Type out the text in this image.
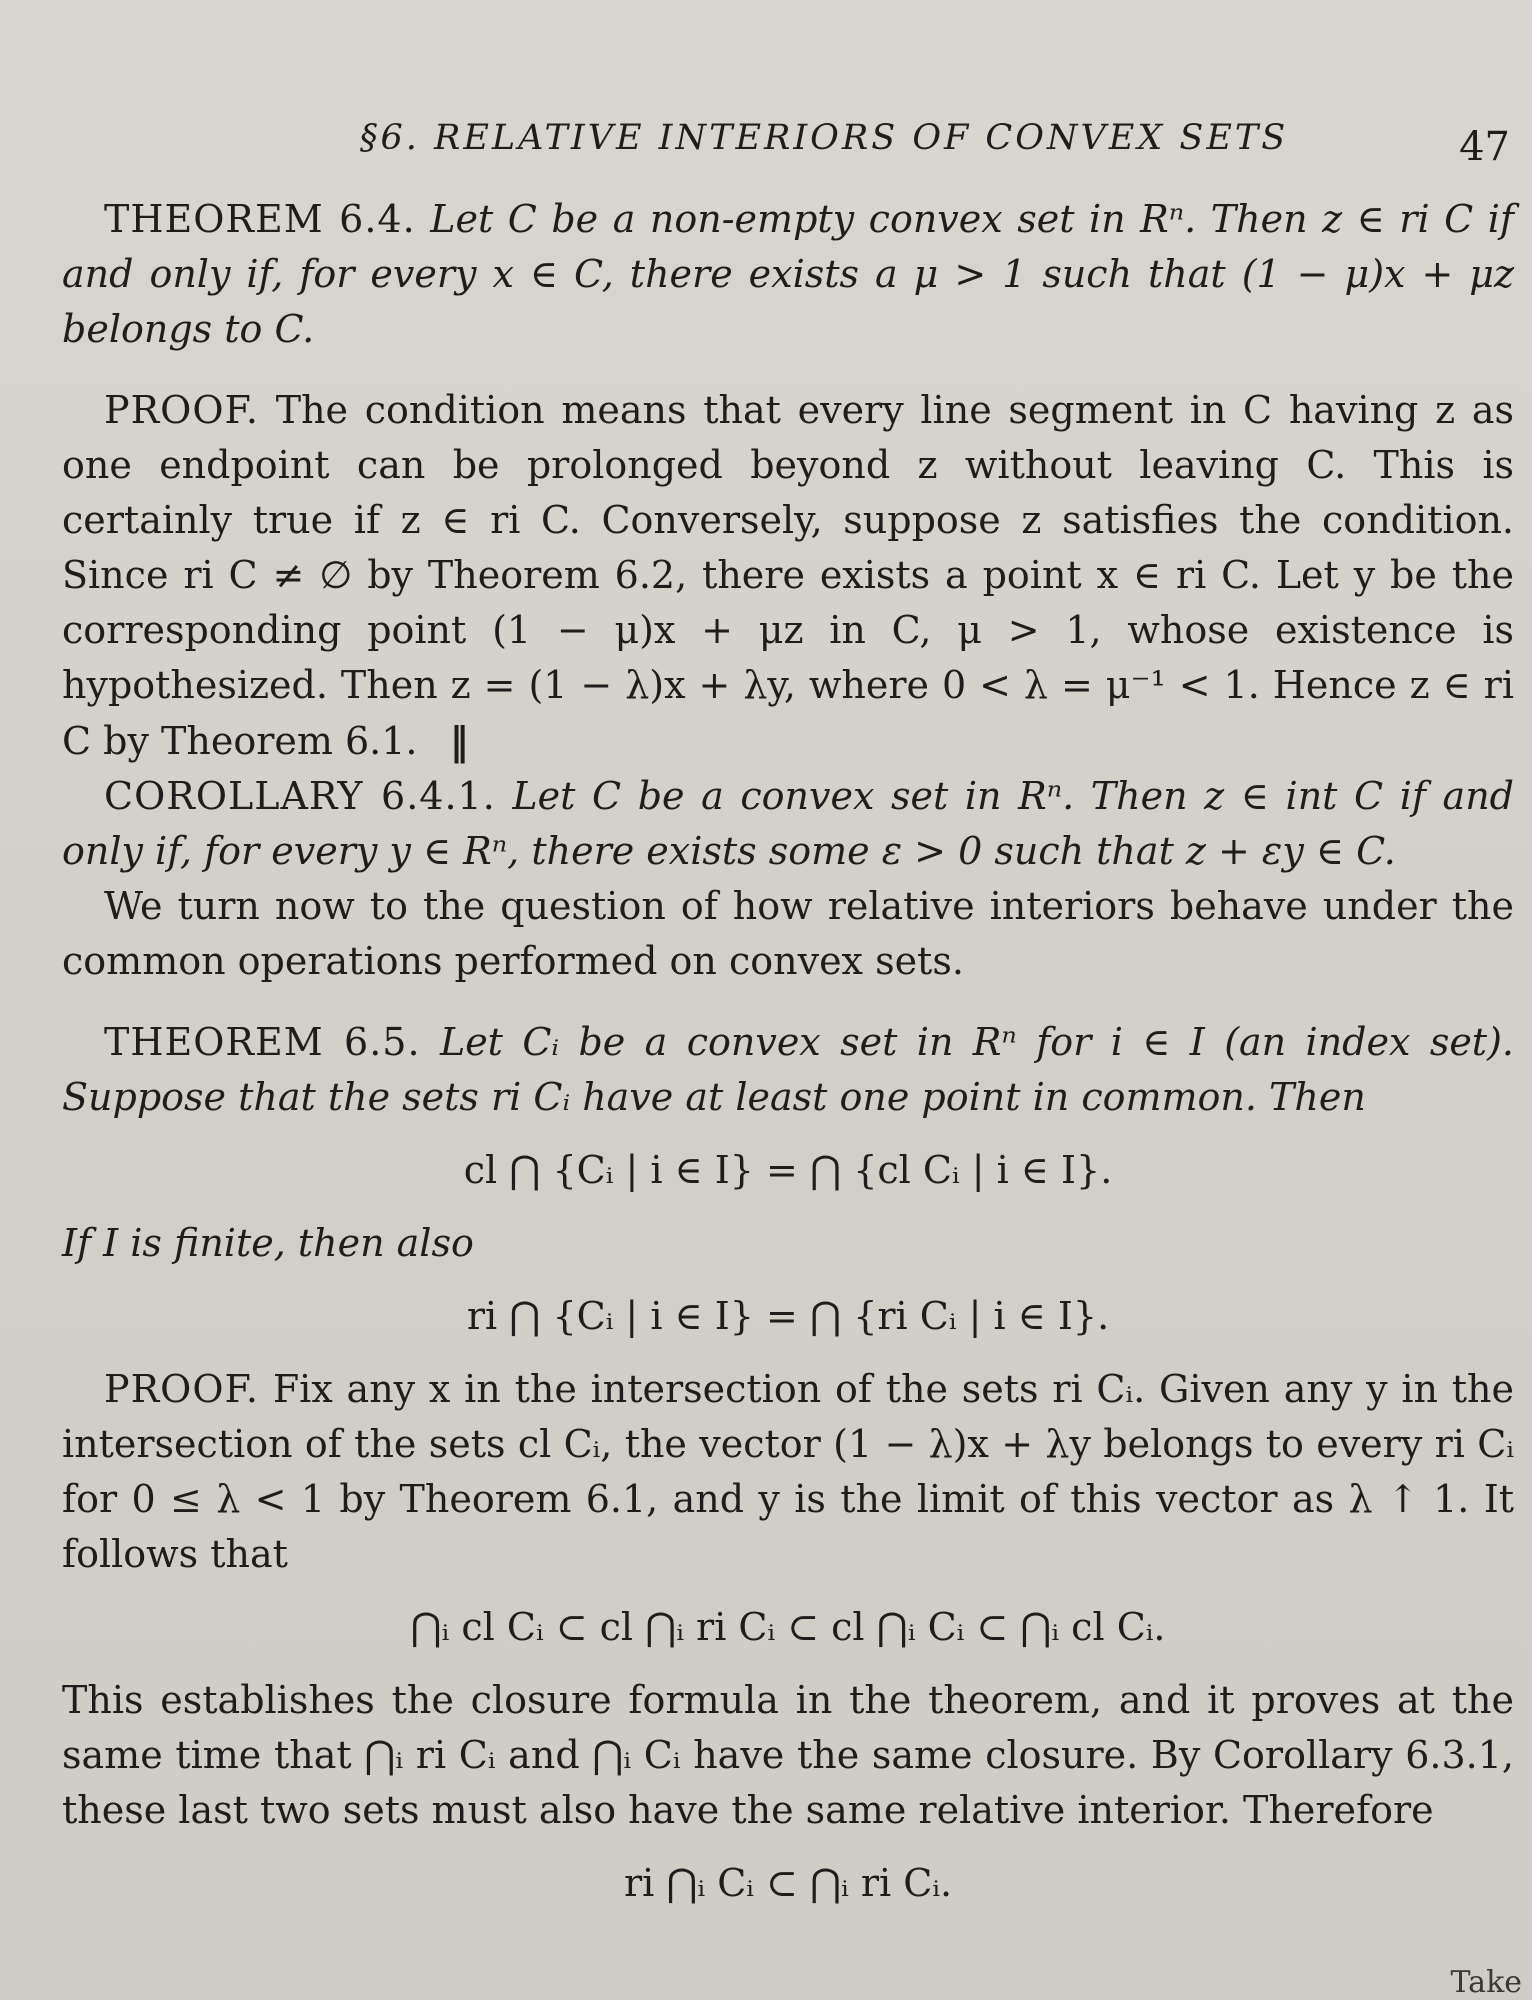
§6. RELATIVE INTERIORS OF CONVEX SETS	47

THEOREM 6.4. Let C be a non-empty convex set in Rⁿ. Then z ∈ ri C if and only if, for every x ∈ C, there exists a μ > 1 such that (1 − μ)x + μz belongs to C.

PROOF. The condition means that every line segment in C having z as one endpoint can be prolonged beyond z without leaving C. This is certainly true if z ∈ ri C. Conversely, suppose z satisfies the condition. Since ri C ≠ ∅ by Theorem 6.2, there exists a point x ∈ ri C. Let y be the corresponding point (1 − μ)x + μz in C, μ > 1, whose existence is hypothesized. Then z = (1 − λ)x + λy, where 0 < λ = μ⁻¹ < 1. Hence z ∈ ri C by Theorem 6.1. ‖

COROLLARY 6.4.1. Let C be a convex set in Rⁿ. Then z ∈ int C if and only if, for every y ∈ Rⁿ, there exists some ε > 0 such that z + εy ∈ C.

We turn now to the question of how relative interiors behave under the common operations performed on convex sets.

THEOREM 6.5. Let Cᵢ be a convex set in Rⁿ for i ∈ I (an index set). Suppose that the sets ri Cᵢ have at least one point in common. Then

cl ⋂ {Cᵢ | i ∈ I} = ⋂ {cl Cᵢ | i ∈ I}.

If I is finite, then also

ri ⋂ {Cᵢ | i ∈ I} = ⋂ {ri Cᵢ | i ∈ I}.

PROOF. Fix any x in the intersection of the sets ri Cᵢ. Given any y in the intersection of the sets cl Cᵢ, the vector (1 − λ)x + λy belongs to every ri Cᵢ for 0 ≤ λ < 1 by Theorem 6.1, and y is the limit of this vector as λ ↑ 1. It follows that

⋂ᵢ cl Cᵢ ⊂ cl ⋂ᵢ ri Cᵢ ⊂ cl ⋂ᵢ Cᵢ ⊂ ⋂ᵢ cl Cᵢ.

This establishes the closure formula in the theorem, and it proves at the same time that ⋂ᵢ ri Cᵢ and ⋂ᵢ Cᵢ have the same closure. By Corollary 6.3.1, these last two sets must also have the same relative interior. Therefore

ri ⋂ᵢ Cᵢ ⊂ ⋂ᵢ ri Cᵢ.
Take
